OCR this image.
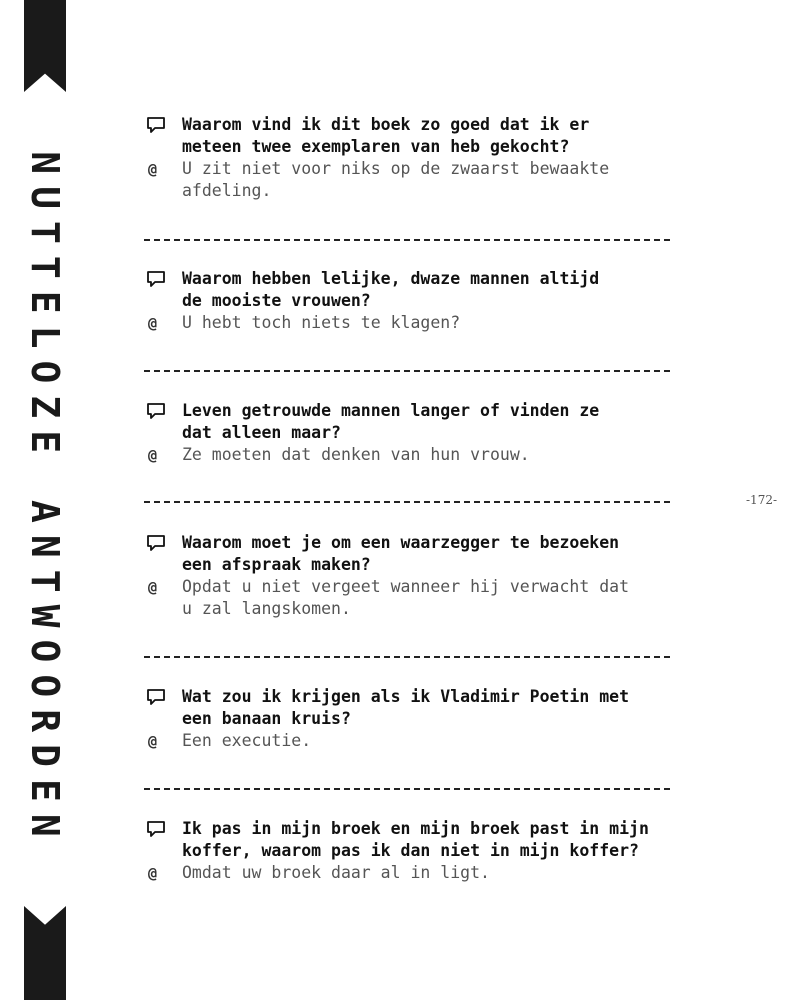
NUTTELOZE ANTWOORDEN	-172-
Waarom vind ik dit boek zo goed dat ik er
meteen twee exemplaren van heb gekocht?
@ U zit niet voor niks op de zwaarst bewaakte
afdeling.
Waarom hebben lelijke, dwaze mannen altijd
de mooiste vrouwen?
@ U hebt toch niets te klagen?
Leven getrouwde mannen langer of vinden ze
dat alleen maar?
@ Ze moeten dat denken van hun vrouw.
Waarom moet je om een waarzegger te bezoeken
een afspraak maken?
@ Opdat u niet vergeet wanneer hij verwacht dat
u zal langskomen.
Wat zou ik krijgen als ik Vladimir Poetin met
een banaan kruis?
@ Een executie.
Ik pas in mijn broek en mijn broek past in mijn
koffer, waarom pas ik dan niet in mijn koffer?
@ Omdat uw broek daar al in ligt.
